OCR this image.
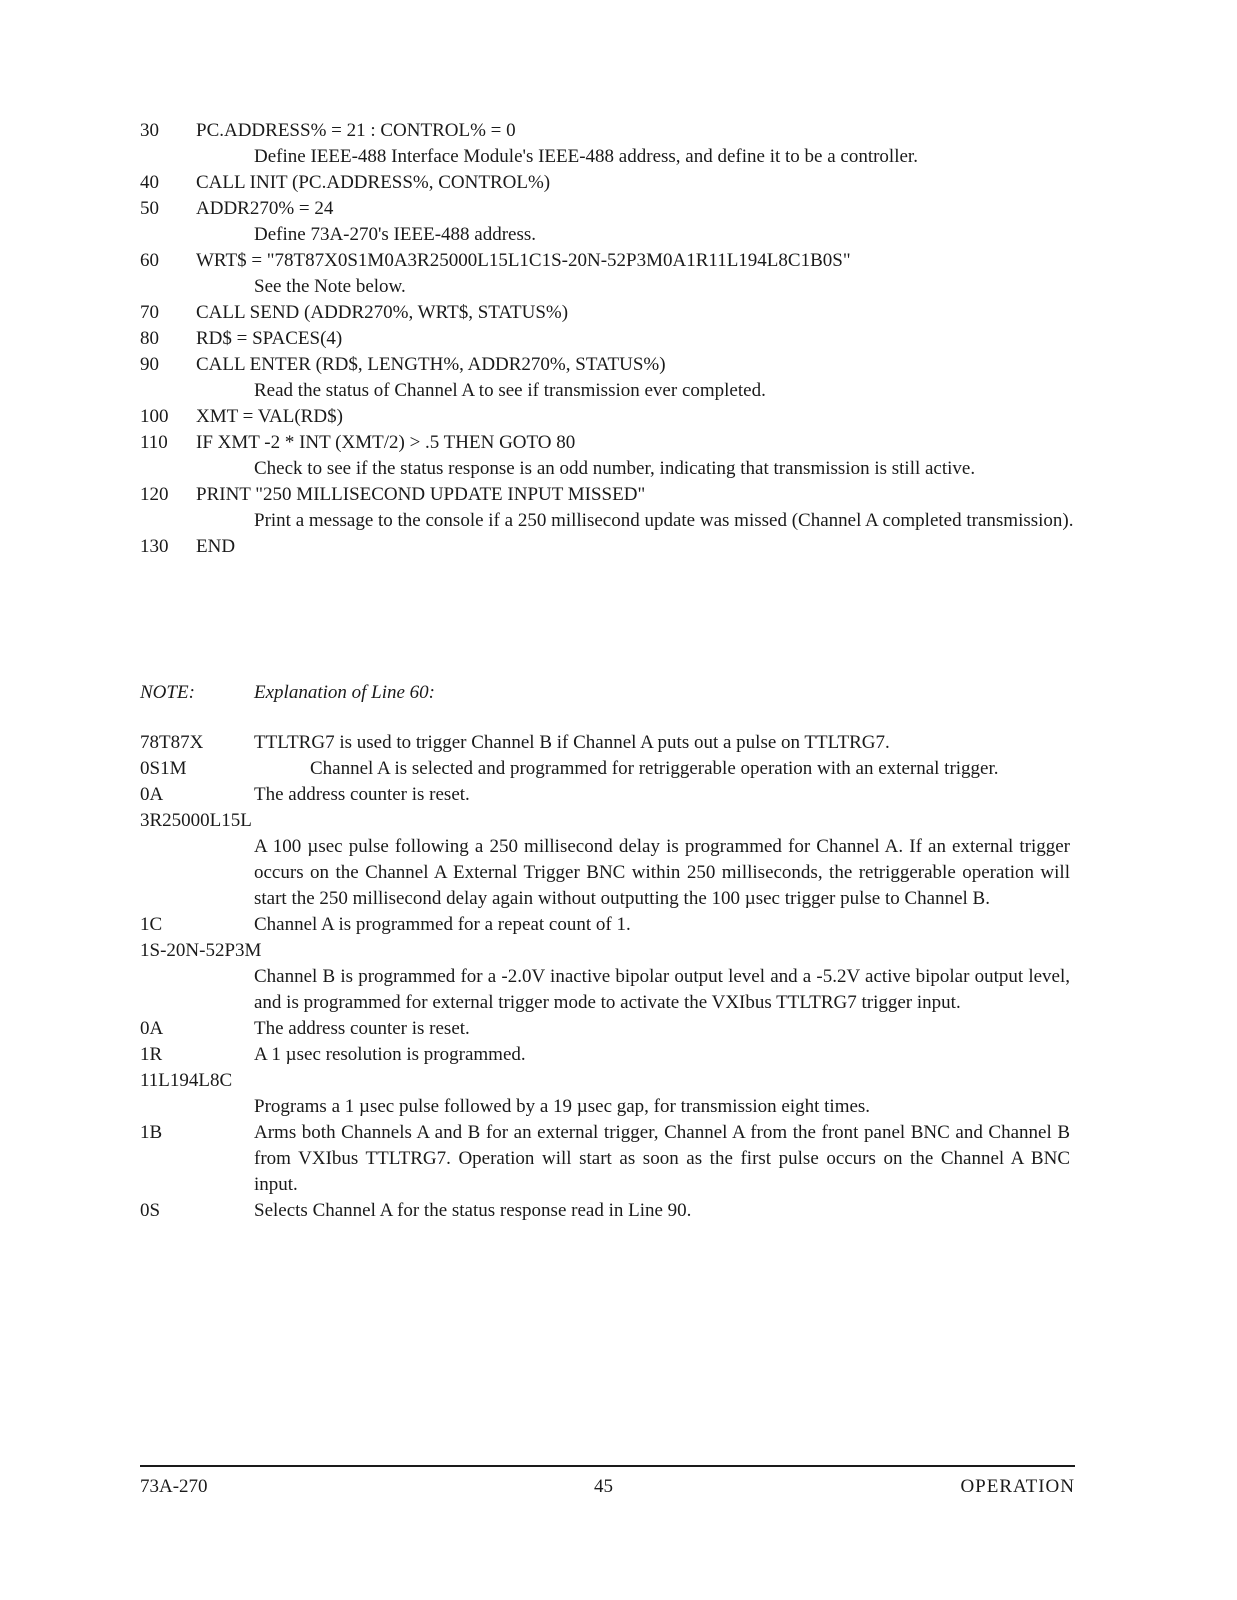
30 PC.ADDRESS% = 21 : CONTROL% = 0
Define IEEE-488 Interface Module's IEEE-488 address, and define it to be a controller.
40 CALL INIT (PC.ADDRESS%, CONTROL%)
50 ADDR270% = 24
Define 73A-270's IEEE-488 address.
60 WRT$ = "78T87X0S1M0A3R25000L15L1C1S-20N-52P3M0A1R11L194L8C1B0S"
See the Note below.
70 CALL SEND (ADDR270%, WRT$, STATUS%)
80 RD$ = SPACES(4)
90 CALL ENTER (RD$, LENGTH%, ADDR270%, STATUS%)
Read the status of Channel A to see if transmission ever completed.
100 XMT = VAL(RD$)
110 IF XMT -2 * INT (XMT/2) > .5 THEN GOTO 80
Check to see if the status response is an odd number, indicating that transmission is still active.
120 PRINT "250 MILLISECOND UPDATE INPUT MISSED"
Print a message to the console if a 250 millisecond update was missed (Channel A completed transmission).
130 END
NOTE:	Explanation of Line 60:
78T87X	TTLTRG7 is used to trigger Channel B if Channel A puts out a pulse on TTLTRG7.
0S1M	Channel A is selected and programmed for retriggerable operation with an external trigger.
0A	The address counter is reset.
3R25000L15L
A 100 µsec pulse following a 250 millisecond delay is programmed for Channel A. If an external trigger occurs on the Channel A External Trigger BNC within 250 milliseconds, the retriggerable operation will start the 250 millisecond delay again without outputting the 100 µsec trigger pulse to Channel B.
1C	Channel A is programmed for a repeat count of 1.
1S-20N-52P3M
Channel B is programmed for a -2.0V inactive bipolar output level and a -5.2V active bipolar output level, and is programmed for external trigger mode to activate the VXIbus TTLTRG7 trigger input.
0A	The address counter is reset.
1R	A 1 µsec resolution is programmed.
11L194L8C
Programs a 1 µsec pulse followed by a 19 µsec gap, for transmission eight times.
1B	Arms both Channels A and B for an external trigger, Channel A from the front panel BNC and Channel B from VXIbus TTLTRG7. Operation will start as soon as the first pulse occurs on the Channel A BNC input.
0S	Selects Channel A for the status response read in Line 90.
73A-270	45	OPERATION
